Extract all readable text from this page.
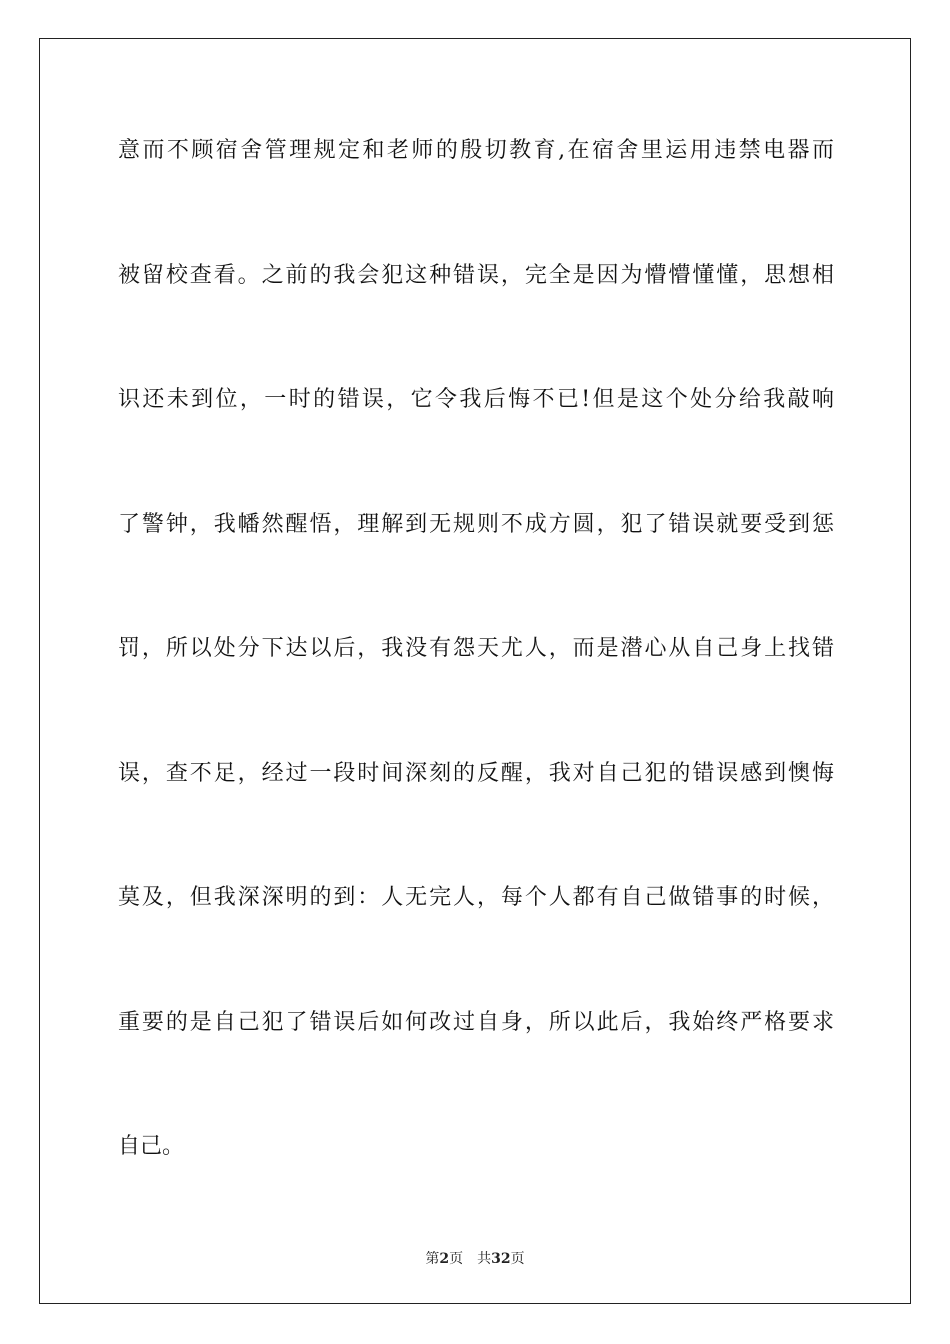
意而不顾宿舍管理规定和老师的殷切教育,在宿舍里运用违禁电器而
被留校查看。之前的我会犯这种错误，完全是因为懵懵懂懂，思想相
识还未到位，一时的错误，它令我后悔不已!但是这个处分给我敲响
了警钟，我幡然醒悟，理解到无规则不成方圆，犯了错误就要受到惩
罚，所以处分下达以后，我没有怨天尤人，而是潜心从自己身上找错
误，查不足，经过一段时间深刻的反醒，我对自己犯的错误感到懊悔
莫及，但我深深明的到：人无完人，每个人都有自己做错事的时候，
重要的是自己犯了错误后如何改过自身，所以此后，我始终严格要求
自己。
第2页 共32页
